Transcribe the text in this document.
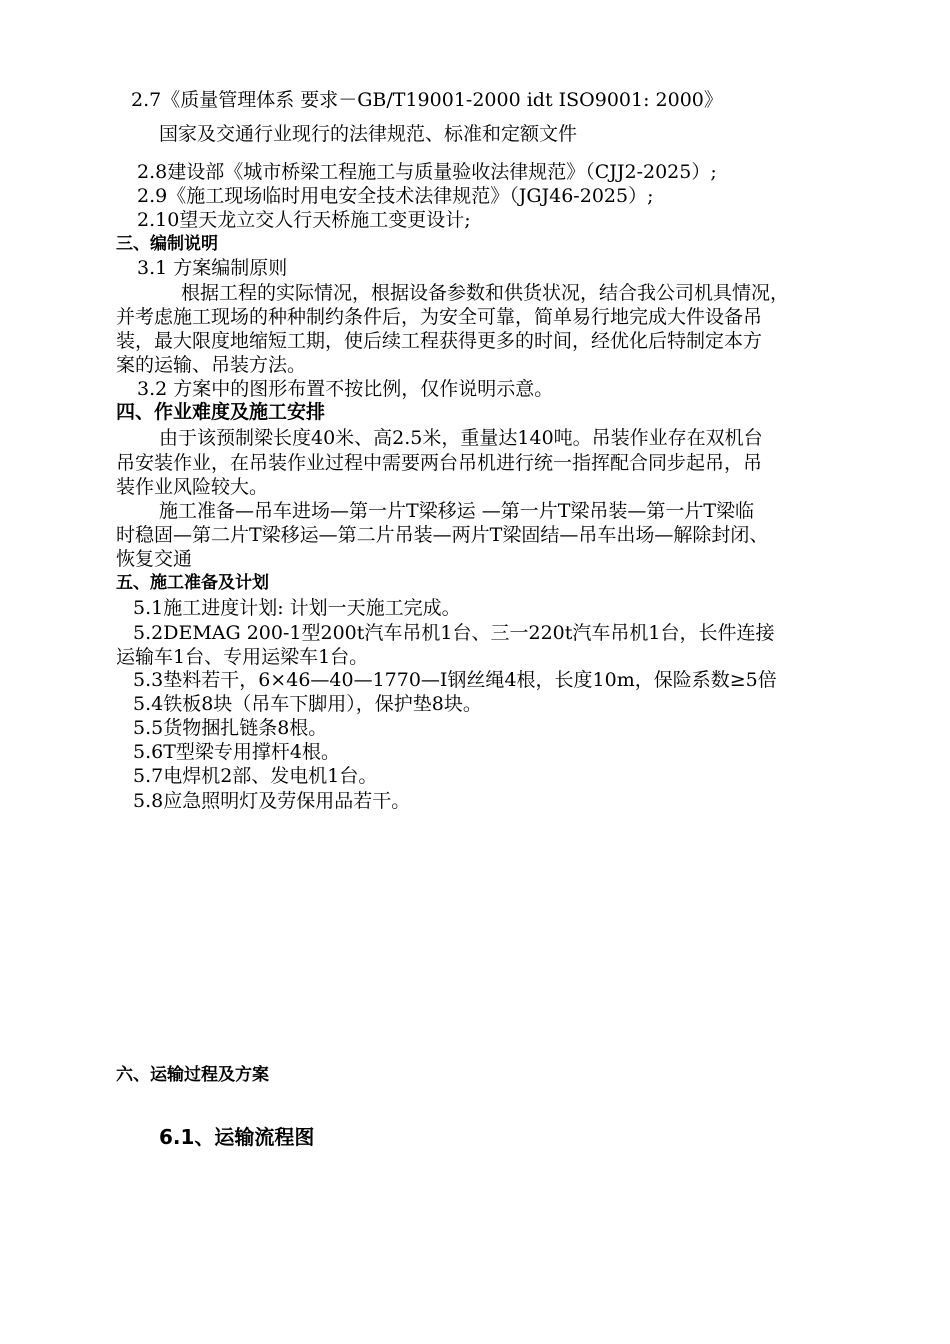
2.7《质量管理体系 要求－GB/T19001-2000 idt ISO9001: 2000》
国家及交通行业现行的法律规范、标准和定额文件
2.8建设部《城市桥梁工程施工与质量验收法律规范》（CJJ2-2025）;
2.9《施工现场临时用电安全技术法律规范》（JGJ46-2025）;
2.10望天龙立交人行天桥施工变更设计;
三、编制说明
3.1 方案编制原则
根据工程的实际情况，根据设备参数和供货状况，结合我公司机具情况，
并考虑施工现场的种种制约条件后，为安全可靠，简单易行地完成大件设备吊
装，最大限度地缩短工期，使后续工程获得更多的时间，经优化后特制定本方
案的运输、吊装方法。
3.2 方案中的图形布置不按比例，仅作说明示意。
四、作业难度及施工安排
由于该预制梁长度40米、高2.5米，重量达140吨。吊装作业存在双机台
吊安装作业，在吊装作业过程中需要两台吊机进行统一指挥配合同步起吊，吊
装作业风险较大。
施工准备—吊车进场—第一片T梁移运 —第一片T梁吊装—第一片T梁临
时稳固—第二片T梁移运—第二片吊装—两片T梁固结—吊车出场—解除封闭、
恢复交通
五、施工准备及计划
5.1施工进度计划: 计划一天施工完成。
5.2DEMAG 200-1型200t汽车吊机1台、三一220t汽车吊机1台，长件连接
运输车1台、专用运梁车1台。
5.3垫料若干，6×46—40—1770—I钢丝绳4根，长度10m，保险系数≥5倍
5.4铁板8块（吊车下脚用），保护垫8块。
5.5货物捆扎链条8根。
5.6T型梁专用撑杆4根。
5.7电焊机2部、发电机1台。
5.8应急照明灯及劳保用品若干。
六、运输过程及方案
6.1、运输流程图
